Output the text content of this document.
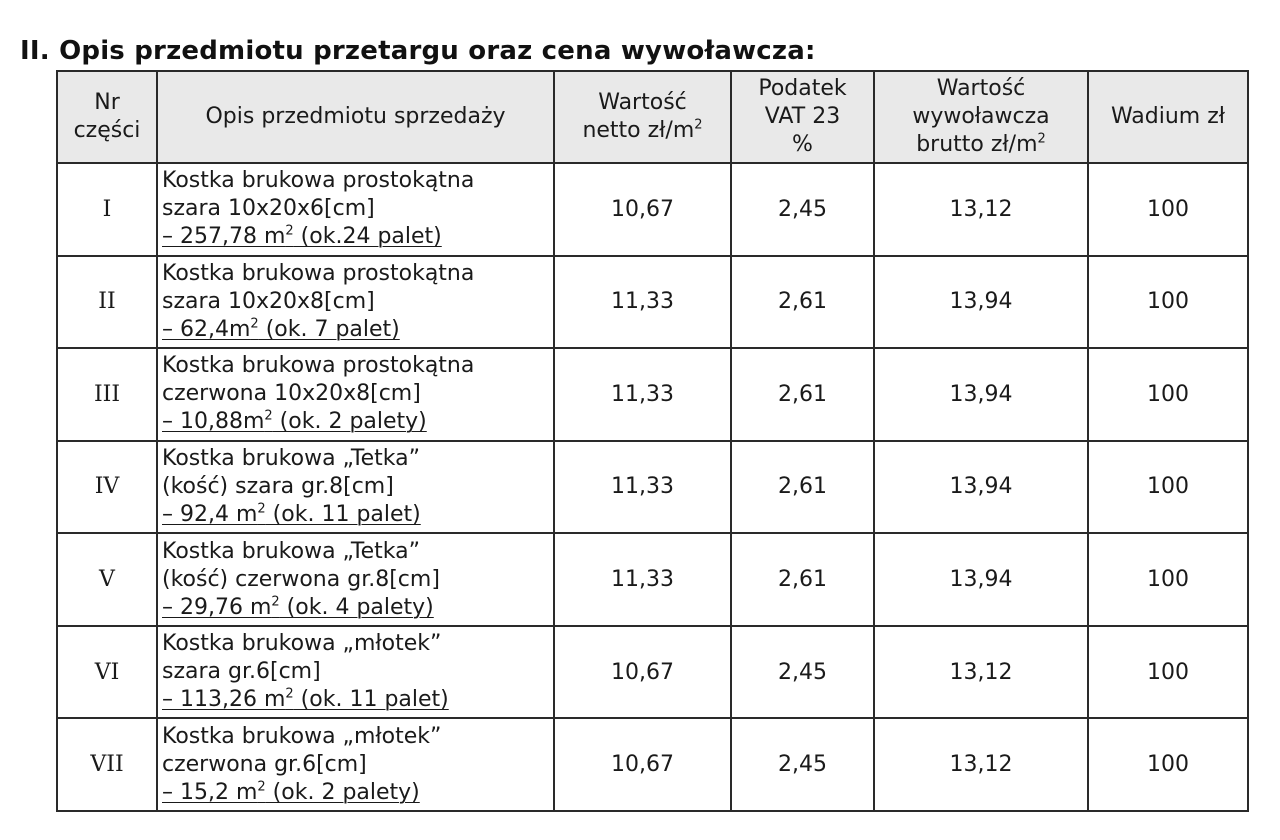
II. Opis przedmiotu przetargu oraz cena wywoławcza:
Nr
części	Opis przedmiotu sprzedaży	Wartość
netto $zł/m^2$	Podatek
VAT 23
%	Wartość
wywoławcza
brutto $zł/m^2$	Wadium zł
I	Kostka brukowa prostokątna
szara 10x20x6[cm]
– 257,78 $m^2$ (ok.24 palet)	10,67	2,45	13,12	100
II	Kostka brukowa prostokątna
szara 10x20x8[cm]
– $62,4m^2$ (ok. 7 palet)	11,33	2,61	13,94	100
III	Kostka brukowa prostokątna
czerwona 10x20x8[cm]
– $10,88m^2$ (ok. 2 palety)	11,33	2,61	13,94	100
IV	Kostka brukowa „Tetka”
(kość) szara gr.8[cm]
– 92,4 $m^2$ (ok. 11 palet)	11,33	2,61	13,94	100
V	Kostka brukowa „Tetka”
(kość) czerwona gr.8[cm]
– 29,76 $m^2$ (ok. 4 palety)	11,33	2,61	13,94	100
VI	Kostka brukowa „młotek”
szara gr.6[cm]
– 113,26 $m^2$ (ok. 11 palet)	10,67	2,45	13,12	100
VII	Kostka brukowa „młotek”
czerwona gr.6[cm]
– 15,2 $m^2$ (ok. 2 palety)	10,67	2,45	13,12	100
